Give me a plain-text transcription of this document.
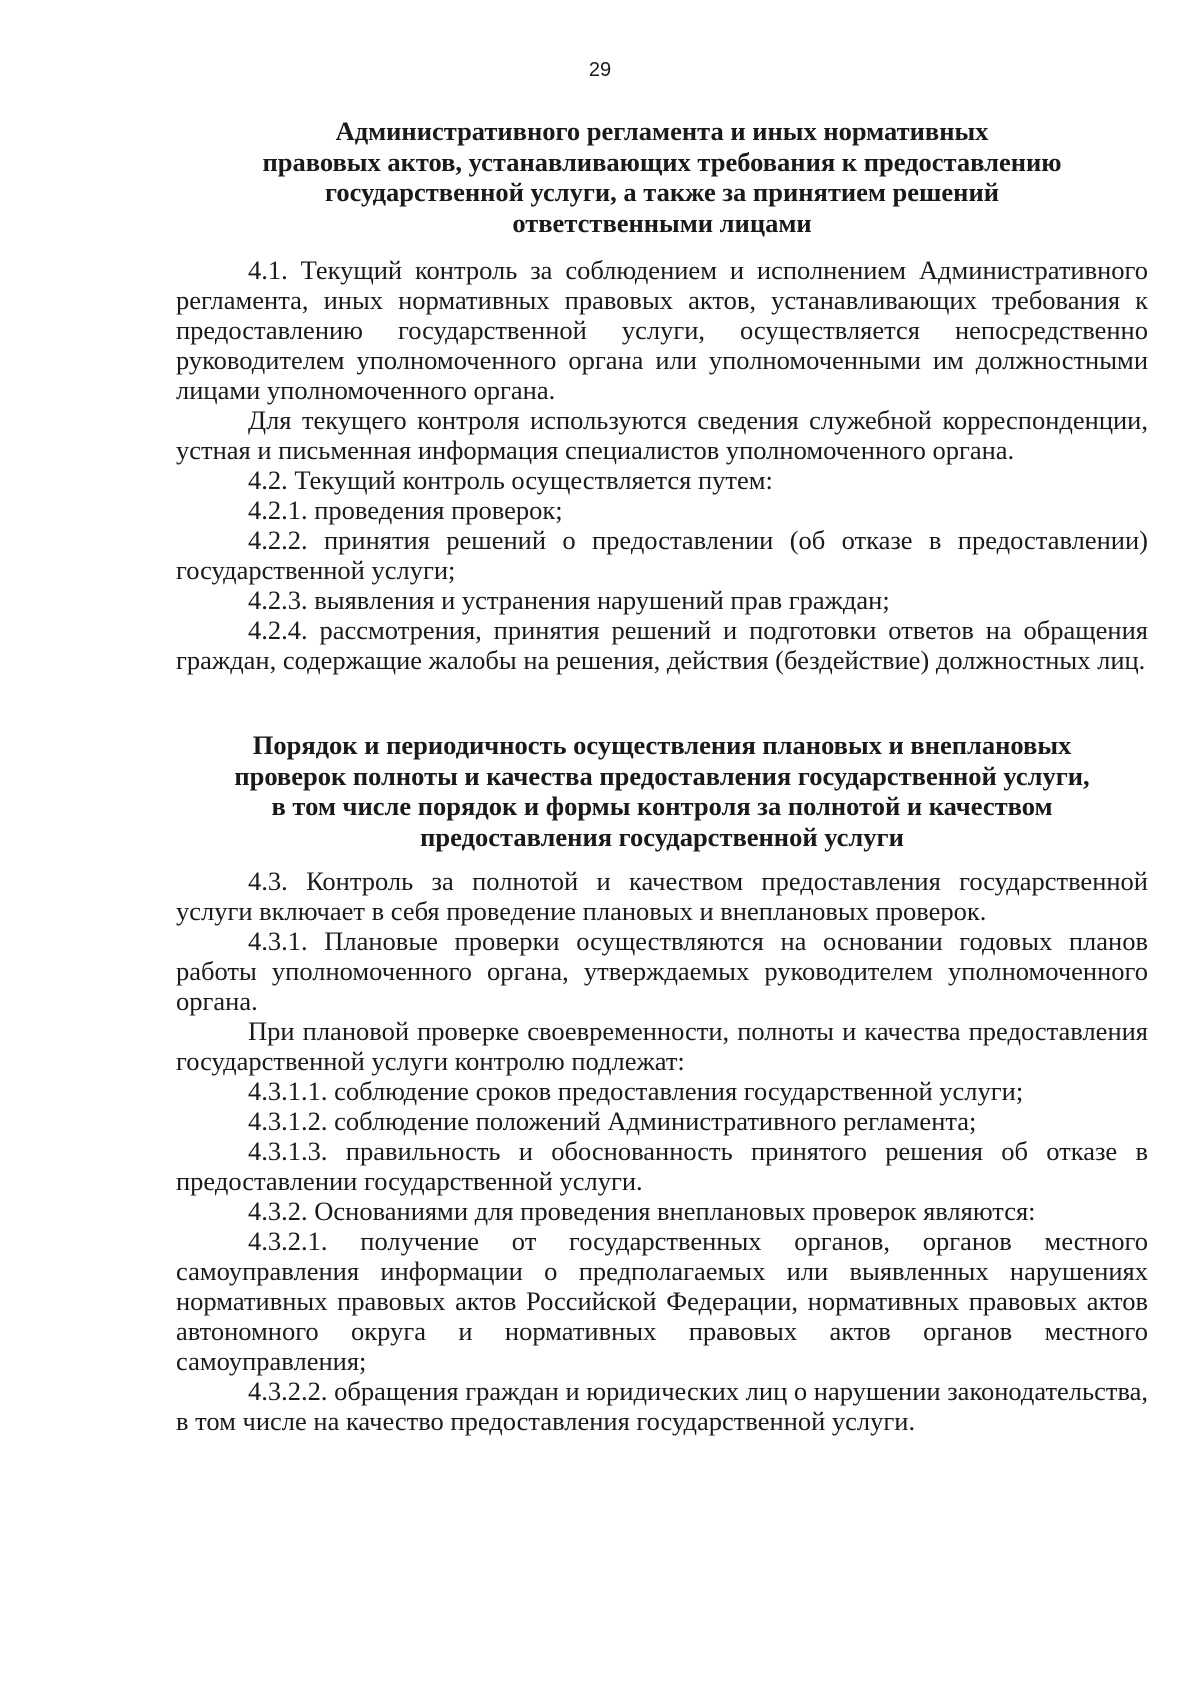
29
Административного регламента и иных нормативных
правовых актов, устанавливающих требования к предоставлению
государственной услуги, а также за принятием решений
ответственными лицами

4.1. Текущий контроль за соблюдением и исполнением Административного регламента, иных нормативных правовых актов, устанавливающих требования к предоставлению государственной услуги, осуществляется непосредственно руководителем уполномоченного органа или уполномоченными им должностными лицами уполномоченного органа.

Для текущего контроля используются сведения служебной корреспонденции, устная и письменная информация специалистов уполномоченного органа.

4.2. Текущий контроль осуществляется путем:

4.2.1. проведения проверок;

4.2.2. принятия решений о предоставлении (об отказе в предоставлении) государственной услуги;

4.2.3. выявления и устранения нарушений прав граждан;

4.2.4. рассмотрения, принятия решений и подготовки ответов на обращения граждан, содержащие жалобы на решения, действия (бездействие) должностных лиц.

Порядок и периодичность осуществления плановых и внеплановых
проверок полноты и качества предоставления государственной услуги,
в том числе порядок и формы контроля за полнотой и качеством
предоставления государственной услуги

4.3. Контроль за полнотой и качеством предоставления государственной услуги включает в себя проведение плановых и внеплановых проверок.

4.3.1. Плановые проверки осуществляются на основании годовых планов работы уполномоченного органа, утверждаемых руководителем уполномоченного органа.

При плановой проверке своевременности, полноты и качества предоставления государственной услуги контролю подлежат:

4.3.1.1. соблюдение сроков предоставления государственной услуги;

4.3.1.2. соблюдение положений Административного регламента;

4.3.1.3. правильность и обоснованность принятого решения об отказе в предоставлении государственной услуги.

4.3.2. Основаниями для проведения внеплановых проверок являются:

4.3.2.1. получение от государственных органов, органов местного самоуправления информации о предполагаемых или выявленных нарушениях нормативных правовых актов Российской Федерации, нормативных правовых актов автономного округа и нормативных правовых актов органов местного самоуправления;

4.3.2.2. обращения граждан и юридических лиц о нарушении законодательства, в том числе на качество предоставления государственной услуги.
